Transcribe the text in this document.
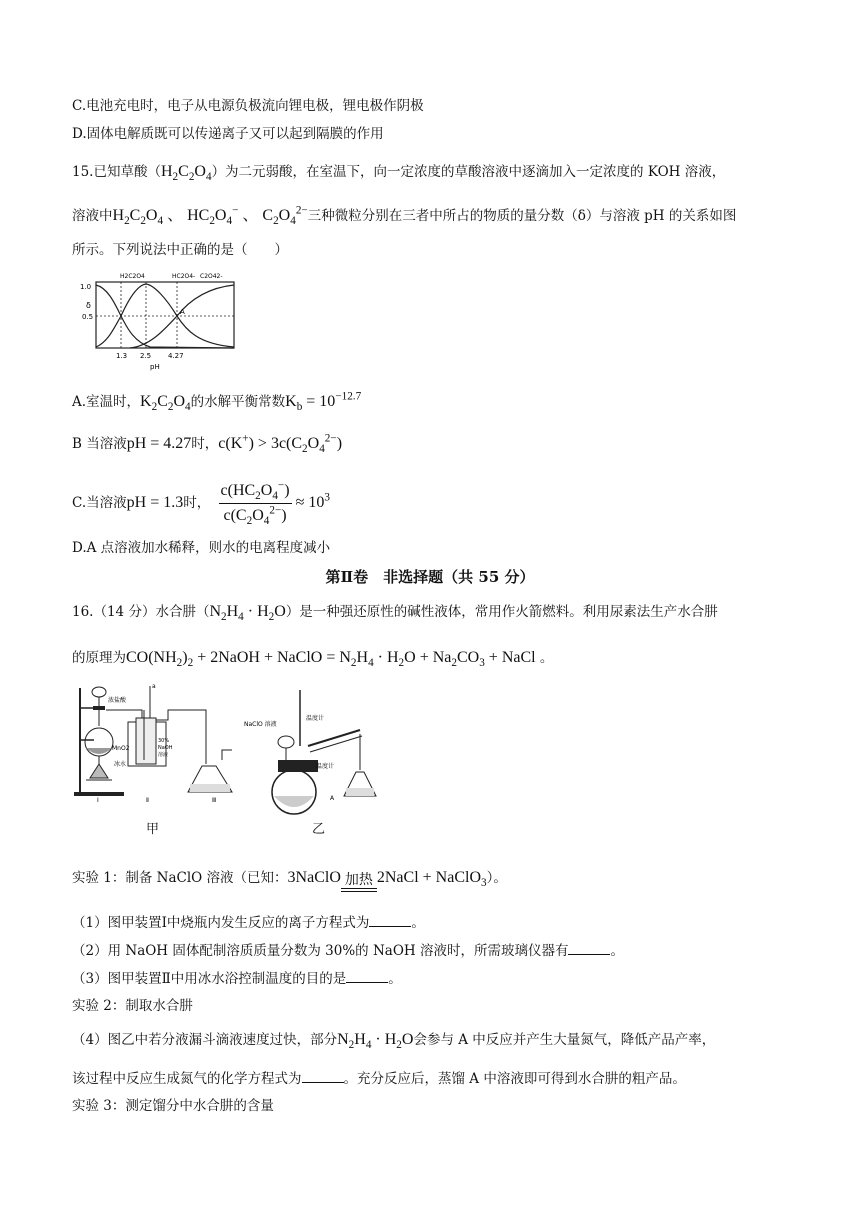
C.电池充电时，电子从电源负极流向锂电极，锂电极作阴极
D.固体电解质既可以传递离子又可以起到隔膜的作用
15.已知草酸$(H_2C_2O_4)$为二元弱酸，在室温下，向一定浓度的草酸溶液中逐滴加入一定浓度的 KOH 溶液，
溶液中$H_2C_2O_4$ 、 $HC_2O_4^-$ 、 $C_2O_4^{2-}$三种微粒分别在三者中所占的物质的量分数（δ）与溶液 pH 的关系如图
所示。下列说法中正确的是（　　）
1.0
0.5
δ
H2C2O4	HC2O4- C2O42-
A
1.3 2.5 4.27
pH
A.室温时，$K_2C_2O_4$的水解平衡常数$K_b = 10^{-12.7}$
B 当溶液pH = 4.27时，$c(K^+) > 3c(C_2O_4^{2-})$
C.当溶液pH = 1.3时， $\frac{c(HC_2O_4^-)}{c(C_2O_4^{2-})} \approx 10^3$
D.A 点溶液加水稀释，则水的电离程度减小
第Ⅱ卷　非选择题（共 55 分）
16.（14 分）水合肼$(N_2H_4 \cdot H_2O)$是一种强还原性的碱性液体，常用作火箭燃料。利用尿素法生产水合肼
的原理为$CO(NH_2)_2$ + 2NaOH + NaClO = $N_2H_4 \cdot H_2O + Na_2CO_3$ + NaCl 。
浓盐酸
MnO2
Ⅰ
a
冰水
30%
NaOH
溶液
Ⅱ	Ⅲ
温度计
NaClO 溶液
温度计
A
甲	乙
实验 1：制备 NaClO 溶液（已知：3NaClO 加热 2NaCl + NaClO$_3$）。
（1）图甲装置Ⅰ中烧瓶内发生反应的离子方程式为	。
（2）用 NaOH 固体配制溶质质量分数为 30%的 NaOH 溶液时，所需玻璃仪器有	。
（3）图甲装置Ⅱ中用冰水浴控制温度的目的是	。
实验 2：制取水合肼
（4）图乙中若分液漏斗滴液速度过快，部分$N_2H_4 \cdot H_2O$会参与 A 中反应并产生大量氮气，降低产品产率，
该过程中反应生成氮气的化学方程式为	。充分反应后，蒸馏 A 中溶液即可得到水合肼的粗产品。
实验 3：测定馏分中水合肼的含量
